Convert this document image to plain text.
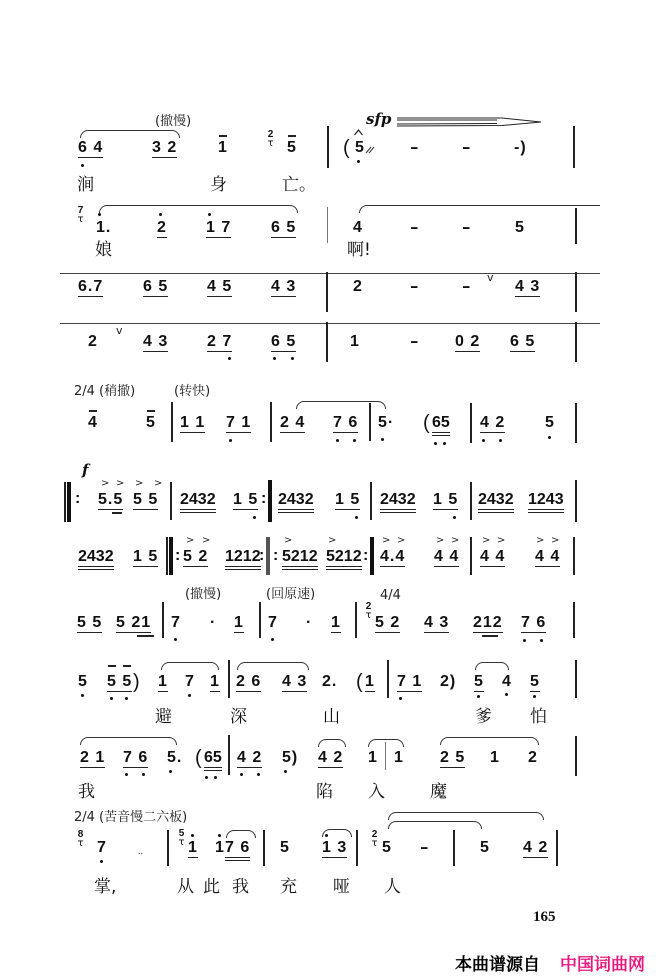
(撤慢)
6 4	3 2	1
2 τ
5
sfp
( 5	-	-	-)
涧	身	亡。
7 τ
1.	2 1 7 6 5	4	-	-	5
娘	啊!
6.7 6 5 4 5 4 3	2	-	-
v
4 3
2
v
4 3 2 7 6 5	1	- 0 2 6 5
2/4 (稍撤)	(转快)
4	5 1 1 7 1 2 4 7 6 5· ( 65 4 2 5
f
:
> > > >
5.5 5 5 2432 1 5 : 2432 1 5 2432 1 5 2432 1243
2432 1 5 :
> >
5 2 1212
: :
>	>
5212 5212 :
> >
4.4
> >
4 4
> >
4 4
> >
4 4
(撤慢)	(回原速)	4/4
5 5 5 21 7 · 1 7 · 1
2 τ
5 2 4 3 212 7 6
5 5 5 ) 1 7 1 2 6 4 3 2. ( 1 7 1 2) 5 4 5
避	深	山	爹 怕
2 1 7 6 5. ( 65 4 2 5) 4 2 1 1 2 5 1 2
我	陷 入	魔
2/4 (苦音慢二六板)
8 τ
7	..
5 τ
1 1 7 6 5 1 3
2 τ
5 -	5 4 2
掌,	从 此 我 充 哑 人
165
本曲谱源自 中国词曲网
